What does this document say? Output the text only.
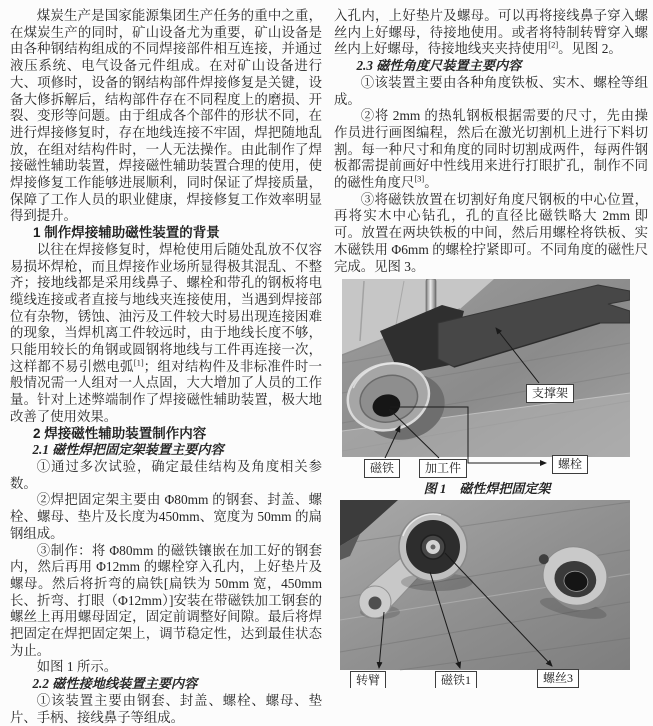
煤炭生产是国家能源集团生产任务的重中之重，在煤炭生产的同时，矿山设备尤为重要，矿山设备是由各种钢结构组成的不同焊接部件相互连接，并通过液压系统、电气设备元件组成。在对矿山设备进行大、项修时，设备的钢结构部件焊接修复是关键，设备大修拆解后，结构部件存在不同程度上的磨损、开裂、变形等问题。由于组成各个部件的形状不同，在进行焊接修复时，存在地线连接不牢固，焊把随地乱放，在组对结构件时，一人无法操作。由此制作了焊接磁性辅助装置，焊接磁性辅助装置合理的使用，使焊接修复工作能够进展顺利，同时保证了焊接质量，保障了工作人员的职业健康，焊接修复工作效率明显得到提升。

1 制作焊接辅助磁性装置的背景

以往在焊接修复时，焊枪使用后随处乱放不仅容易损坏焊枪，而且焊接作业场所显得极其混乱、不整齐；接地线都是采用线鼻子、螺栓和带孔的钢板将电缆线连接或者直接与地线夹连接使用，当遇到焊接部位有杂物，锈蚀、油污及工件较大时易出现连接困难的现象，当焊机离工件较远时，由于地线长度不够，只能用较长的角钢或圆钢将地线与工件再连接一次，这样都不易引燃电弧[1]；组对结构件及非标准件时一般情况需一人组对一人点固，大大增加了人员的工作量。针对上述弊端制作了焊接磁性辅助装置，极大地改善了使用效果。

2 焊接磁性辅助装置制作内容
2.1 磁性焊把固定架装置主要内容

①通过多次试验，确定最佳结构及角度相关参数。

②焊把固定架主要由 Φ80mm 的钢套、封盖、螺栓、螺母、垫片及长度为450mm、宽度为 50mm 的扁钢组成。

③制作：将 Φ80mm 的磁铁镶嵌在加工好的钢套内，然后再用 Φ12mm 的螺栓穿入孔内，上好垫片及螺母。然后将折弯的扁铁[扁铁为 50mm 宽，450mm 长、折弯、打眼（Φ12mm）]安装在带磁铁加工钢套的螺丝上再用螺母固定，固定前调整好间隙。最后将焊把固定在焊把固定架上，调节稳定性，达到最佳状态为止。

如图 1 所示。

2.2 磁性接地线装置主要内容

①该装置主要由钢套、封盖、螺栓、螺母、垫片、手柄、接线鼻子等组成。

入孔内，上好垫片及螺母。可以再将接线鼻子穿入螺丝内上好螺母，待接地使用。或者将特制转臂穿入螺丝内上好螺母，待接地线夹夹持使用[2]。见图 2。

2.3 磁性角度尺装置主要内容

①该装置主要由各种角度铁板、实木、螺栓等组成。

②将 2mm 的热轧钢板根据需要的尺寸，先由操作员进行画图编程，然后在激光切割机上进行下料切割。每一种尺寸和角度的同时切割成两件，每两件钢板都需提前画好中性线用来进行打眼扩孔，制作不同的磁性角度尺[3]。

③将磁铁放置在切割好角度尺钢板的中心位置，再将实木中心钻孔，孔的直径比磁铁略大 2mm 即可。放置在两块铁板的中间，然后用螺栓将铁板、实木磁铁用 Φ6mm 的螺栓拧紧即可。不同角度的磁性尺完成。见图 3。

支撑架
磁铁	加工件	螺栓
图 1　磁性焊把固定架
转臂	磁铁1	螺丝3
